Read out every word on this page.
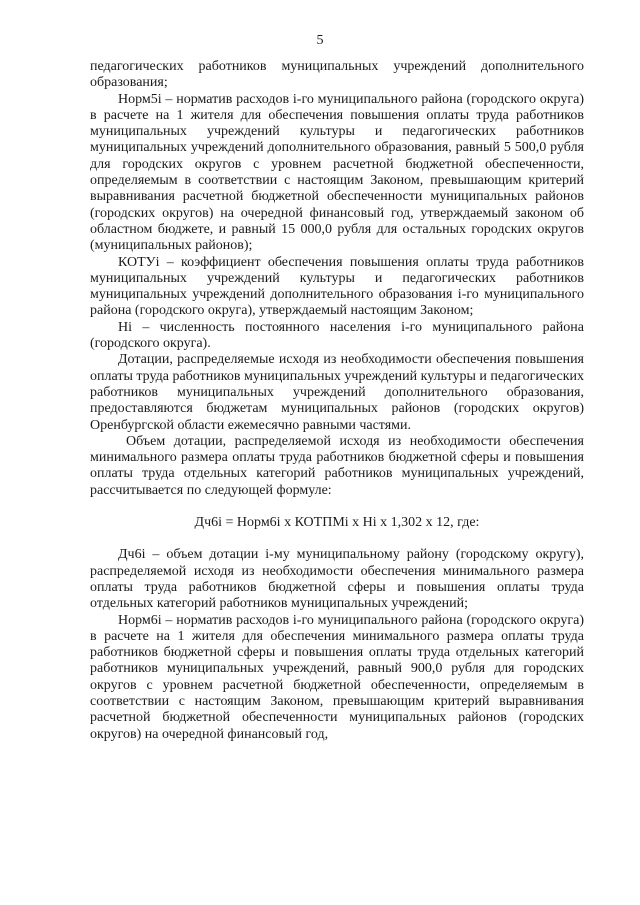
5

педагогических работников муниципальных учреждений дополнительного образования;

Норм5i – норматив расходов i-го муниципального района (городского округа) в расчете на 1 жителя для обеспечения повышения оплаты труда работников муниципальных учреждений культуры и педагогических работников муниципальных учреждений дополнительного образования, равный 5 500,0 рубля для городских округов с уровнем расчетной бюджетной обеспеченности, определяемым в соответствии с настоящим Законом, превышающим критерий выравнивания расчетной бюджетной обеспеченности муниципальных районов (городских округов) на очередной финансовый год, утверждаемый законом об областном бюджете, и равный 15 000,0 рубля для остальных городских округов (муниципальных районов);

КОТУi – коэффициент обеспечения повышения оплаты труда работников муниципальных учреждений культуры и педагогических работников муниципальных учреждений дополнительного образования i-го муниципального района (городского округа), утверждаемый настоящим Законом;

Hi – численность постоянного населения i-го муниципального района (городского округа).

Дотации, распределяемые исходя из необходимости обеспечения повышения оплаты труда работников муниципальных учреждений культуры и педагогических работников муниципальных учреждений дополнительного образования, предоставляются бюджетам муниципальных районов (городских округов) Оренбургской области ежемесячно равными частями.

Объем дотации, распределяемой исходя из необходимости обеспечения минимального размера оплаты труда работников бюджетной сферы и повышения оплаты труда отдельных категорий работников муниципальных учреждений, рассчитывается по следующей формуле:

Дч6i = Норм6i x КОТПМi x Hi x 1,302 x 12, где:

Дч6i – объем дотации i-му муниципальному району (городскому округу), распределяемой исходя из необходимости обеспечения минимального размера оплаты труда работников бюджетной сферы и повышения оплаты труда отдельных категорий работников муниципальных учреждений;

Норм6i – норматив расходов i-го муниципального района (городского округа) в расчете на 1 жителя для обеспечения минимального размера оплаты труда работников бюджетной сферы и повышения оплаты труда отдельных категорий работников муниципальных учреждений, равный 900,0 рубля для городских округов с уровнем расчетной бюджетной обеспеченности, определяемым в соответствии с настоящим Законом, превышающим критерий выравнивания расчетной бюджетной обеспеченности муниципальных районов (городских округов) на очередной финансовый год,
